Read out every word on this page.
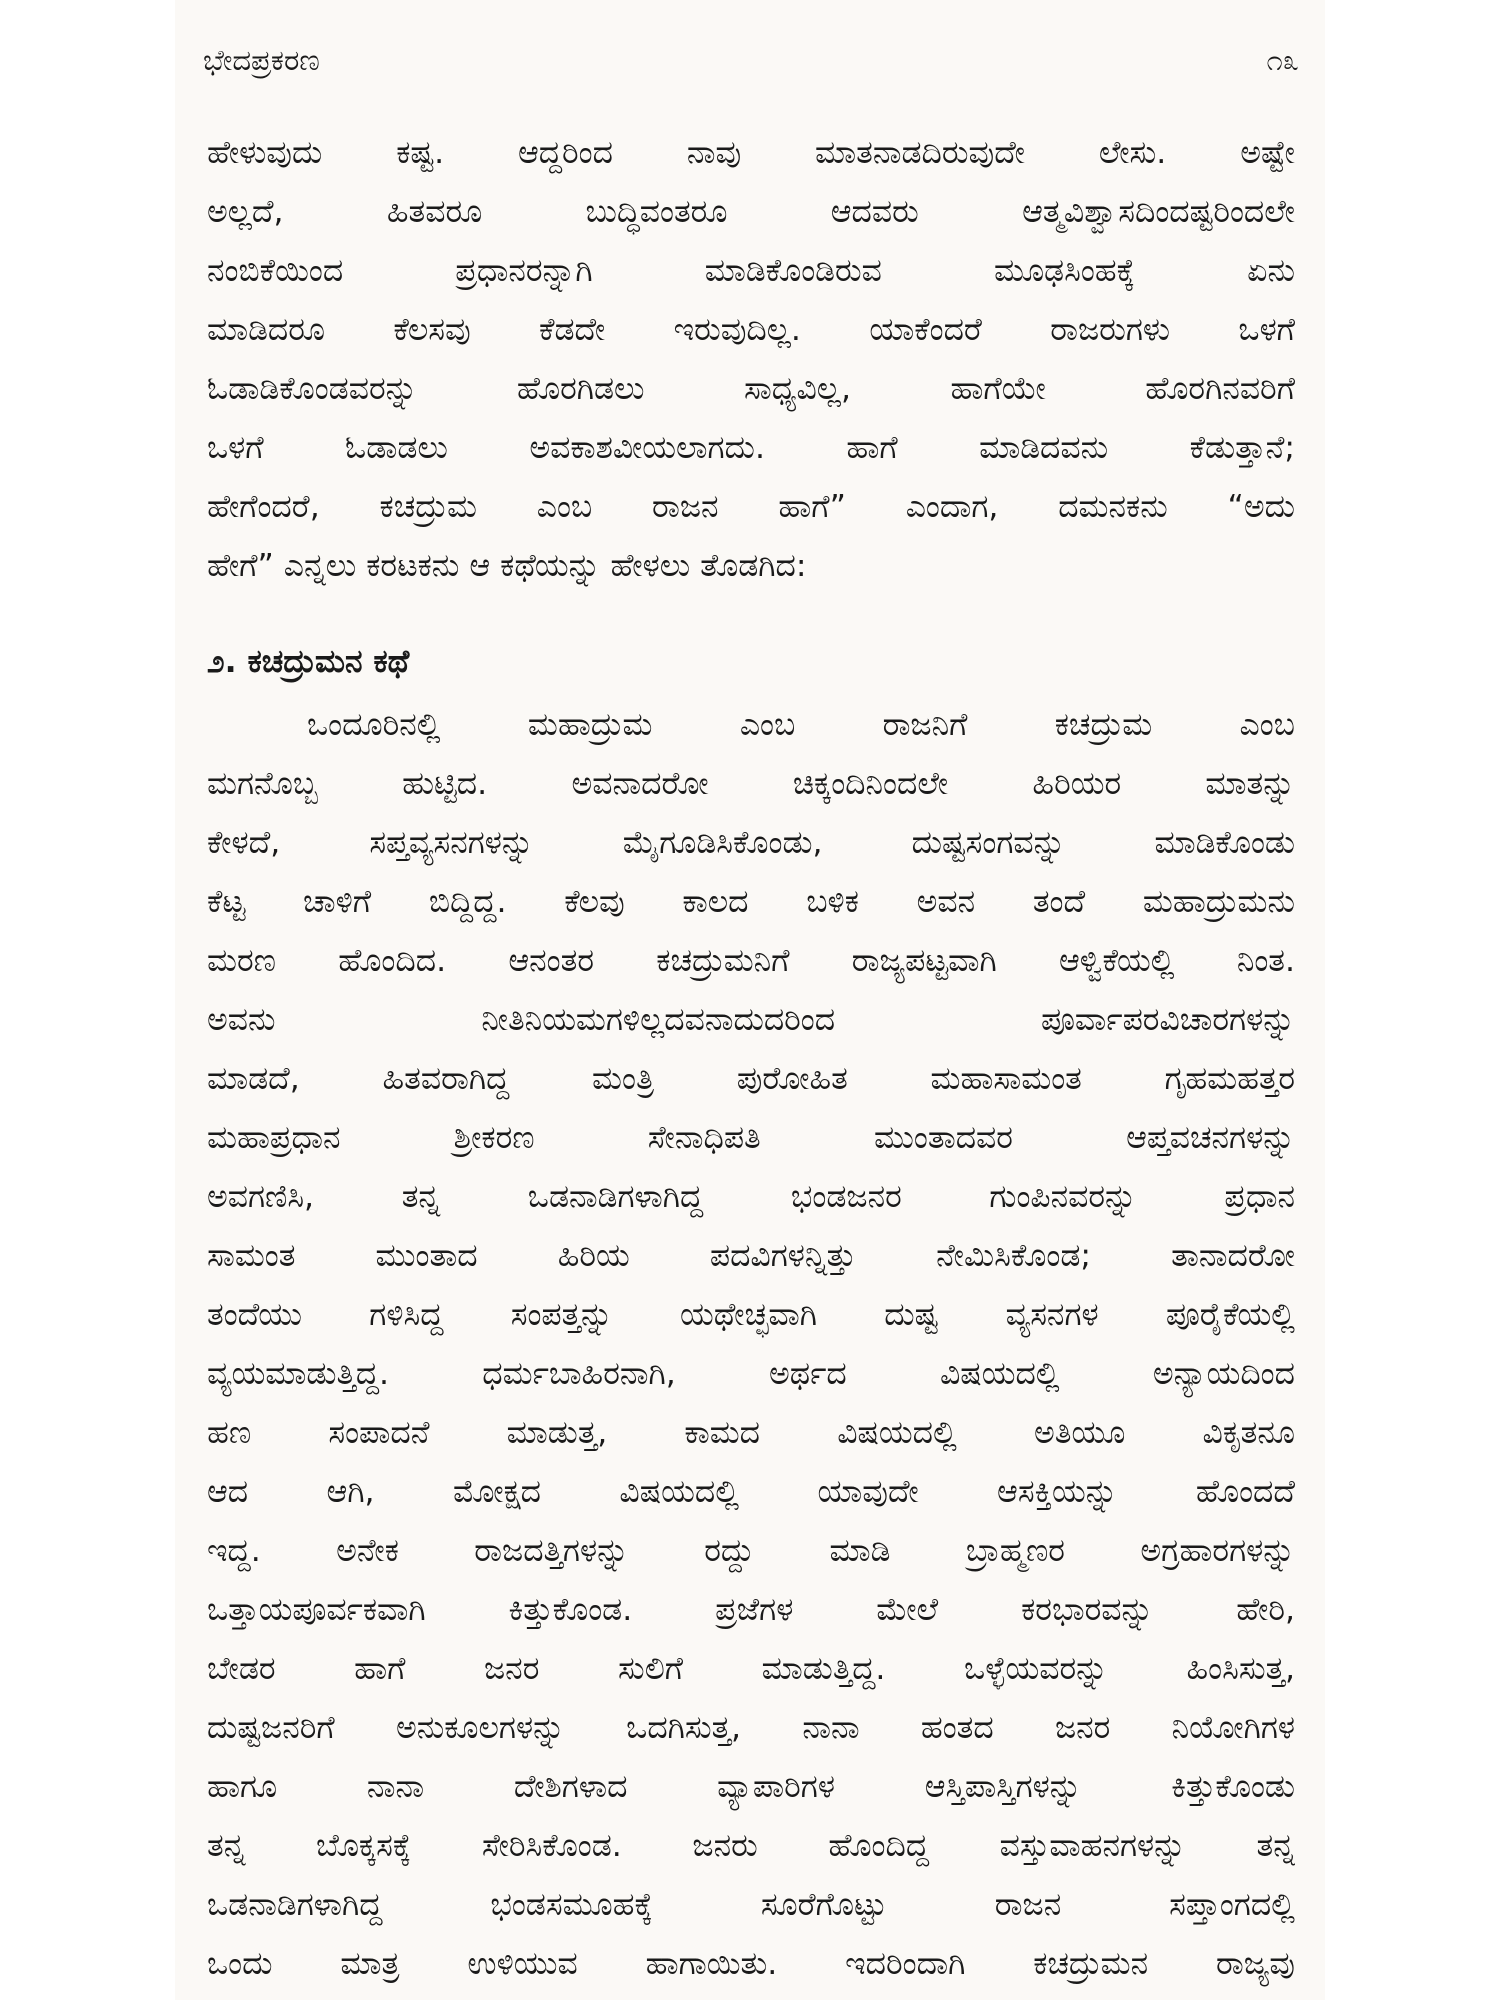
ಭೇದಪ್ರಕರಣ	೧೩
ಹೇಳುವುದು ಕಷ್ಟ. ಆದ್ದರಿಂದ ನಾವು ಮಾತನಾಡದಿರುವುದೇ ಲೇಸು. ಅಷ್ಟೇ
ಅಲ್ಲದೆ, ಹಿತವರೂ ಬುದ್ಧಿವಂತರೂ ಆದವರು ಆತ್ಮವಿಶ್ವಾಸದಿಂದಷ್ಟರಿಂದಲೇ
ನಂಬಿಕೆಯಿಂದ ಪ್ರಧಾನರನ್ನಾಗಿ ಮಾಡಿಕೊಂಡಿರುವ ಮೂಢಸಿಂಹಕ್ಕೆ ಏನು
ಮಾಡಿದರೂ ಕೆಲಸವು ಕೆಡದೇ ಇರುವುದಿಲ್ಲ. ಯಾಕೆಂದರೆ ರಾಜರುಗಳು ಒಳಗೆ
ಓಡಾಡಿಕೊಂಡವರನ್ನು ಹೊರಗಿಡಲು ಸಾಧ್ಯವಿಲ್ಲ, ಹಾಗೆಯೇ ಹೊರಗಿನವರಿಗೆ
ಒಳಗೆ ಓಡಾಡಲು ಅವಕಾಶವೀಯಲಾಗದು. ಹಾಗೆ ಮಾಡಿದವನು ಕೆಡುತ್ತಾನೆ;
ಹೇಗೆಂದರೆ, ಕಚದ್ರುಮ ಎಂಬ ರಾಜನ ಹಾಗೆ” ಎಂದಾಗ, ದಮನಕನು “ಅದು
ಹೇಗೆ” ಎನ್ನಲು ಕರಟಕನು ಆ ಕಥೆಯನ್ನು ಹೇಳಲು ತೊಡಗಿದ:
೨. ಕಚದ್ರುಮನ ಕಥೆ
ಒಂದೂರಿನಲ್ಲಿ ಮಹಾದ್ರುಮ ಎಂಬ ರಾಜನಿಗೆ ಕಚದ್ರುಮ ಎಂಬ
ಮಗನೊಬ್ಬ ಹುಟ್ಟಿದ. ಅವನಾದರೋ ಚಿಕ್ಕಂದಿನಿಂದಲೇ ಹಿರಿಯರ ಮಾತನ್ನು
ಕೇಳದೆ, ಸಪ್ತವ್ಯಸನಗಳನ್ನು ಮೈಗೂಡಿಸಿಕೊಂಡು, ದುಷ್ಟಸಂಗವನ್ನು ಮಾಡಿಕೊಂಡು
ಕೆಟ್ಟ ಚಾಳಿಗೆ ಬಿದ್ದಿದ್ದ. ಕೆಲವು ಕಾಲದ ಬಳಿಕ ಅವನ ತಂದೆ ಮಹಾದ್ರುಮನು
ಮರಣ ಹೊಂದಿದ. ಆನಂತರ ಕಚದ್ರುಮನಿಗೆ ರಾಜ್ಯಪಟ್ಟವಾಗಿ ಆಳ್ವಿಕೆಯಲ್ಲಿ ನಿಂತ.
ಅವನು ನೀತಿನಿಯಮಗಳಿಲ್ಲದವನಾದುದರಿಂದ ಪೂರ್ವಾಪರವಿಚಾರಗಳನ್ನು
ಮಾಡದೆ, ಹಿತವರಾಗಿದ್ದ ಮಂತ್ರಿ ಪುರೋಹಿತ ಮಹಾಸಾಮಂತ ಗೃಹಮಹತ್ತರ
ಮಹಾಪ್ರಧಾನ ಶ್ರೀಕರಣ ಸೇನಾಧಿಪತಿ ಮುಂತಾದವರ ಆಪ್ತವಚನಗಳನ್ನು
ಅವಗಣಿಸಿ, ತನ್ನ ಒಡನಾಡಿಗಳಾಗಿದ್ದ ಭಂಡಜನರ ಗುಂಪಿನವರನ್ನು ಪ್ರಧಾನ
ಸಾಮಂತ ಮುಂತಾದ ಹಿರಿಯ ಪದವಿಗಳನ್ನಿತ್ತು ನೇಮಿಸಿಕೊಂಡ; ತಾನಾದರೋ
ತಂದೆಯು ಗಳಿಸಿದ್ದ ಸಂಪತ್ತನ್ನು ಯಥೇಚ್ಛವಾಗಿ ದುಷ್ಟ ವ್ಯಸನಗಳ ಪೂರೈಕೆಯಲ್ಲಿ
ವ್ಯಯಮಾಡುತ್ತಿದ್ದ. ಧರ್ಮಬಾಹಿರನಾಗಿ, ಅರ್ಥದ ವಿಷಯದಲ್ಲಿ ಅನ್ಯಾಯದಿಂದ
ಹಣ ಸಂಪಾದನೆ ಮಾಡುತ್ತ, ಕಾಮದ ವಿಷಯದಲ್ಲಿ ಅತಿಯೂ ವಿಕೃತನೂ
ಆದ ಆಗಿ, ಮೋಕ್ಷದ ವಿಷಯದಲ್ಲಿ ಯಾವುದೇ ಆಸಕ್ತಿಯನ್ನು ಹೊಂದದೆ
ಇದ್ದ. ಅನೇಕ ರಾಜದತ್ತಿಗಳನ್ನು ರದ್ದು ಮಾಡಿ ಬ್ರಾಹ್ಮಣರ ಅಗ್ರಹಾರಗಳನ್ನು
ಒತ್ತಾಯಪೂರ್ವಕವಾಗಿ ಕಿತ್ತುಕೊಂಡ. ಪ್ರಜೆಗಳ ಮೇಲೆ ಕರಭಾರವನ್ನು ಹೇರಿ,
ಬೇಡರ ಹಾಗೆ ಜನರ ಸುಲಿಗೆ ಮಾಡುತ್ತಿದ್ದ. ಒಳ್ಳೆಯವರನ್ನು ಹಿಂಸಿಸುತ್ತ,
ದುಷ್ಟಜನರಿಗೆ ಅನುಕೂಲಗಳನ್ನು ಒದಗಿಸುತ್ತ, ನಾನಾ ಹಂತದ ಜನರ ನಿಯೋಗಿಗಳ
ಹಾಗೂ ನಾನಾ ದೇಶಿಗಳಾದ ವ್ಯಾಪಾರಿಗಳ ಆಸ್ತಿಪಾಸ್ತಿಗಳನ್ನು ಕಿತ್ತುಕೊಂಡು
ತನ್ನ ಬೊಕ್ಕಸಕ್ಕೆ ಸೇರಿಸಿಕೊಂಡ. ಜನರು ಹೊಂದಿದ್ದ ವಸ್ತುವಾಹನಗಳನ್ನು ತನ್ನ
ಒಡನಾಡಿಗಳಾಗಿದ್ದ ಭಂಡಸಮೂಹಕ್ಕೆ ಸೂರೆಗೊಟ್ಟು ರಾಜನ ಸಪ್ತಾಂಗದಲ್ಲಿ
ಒಂದು ಮಾತ್ರ ಉಳಿಯುವ ಹಾಗಾಯಿತು. ಇದರಿಂದಾಗಿ ಕಚದ್ರುಮನ ರಾಜ್ಯವು
